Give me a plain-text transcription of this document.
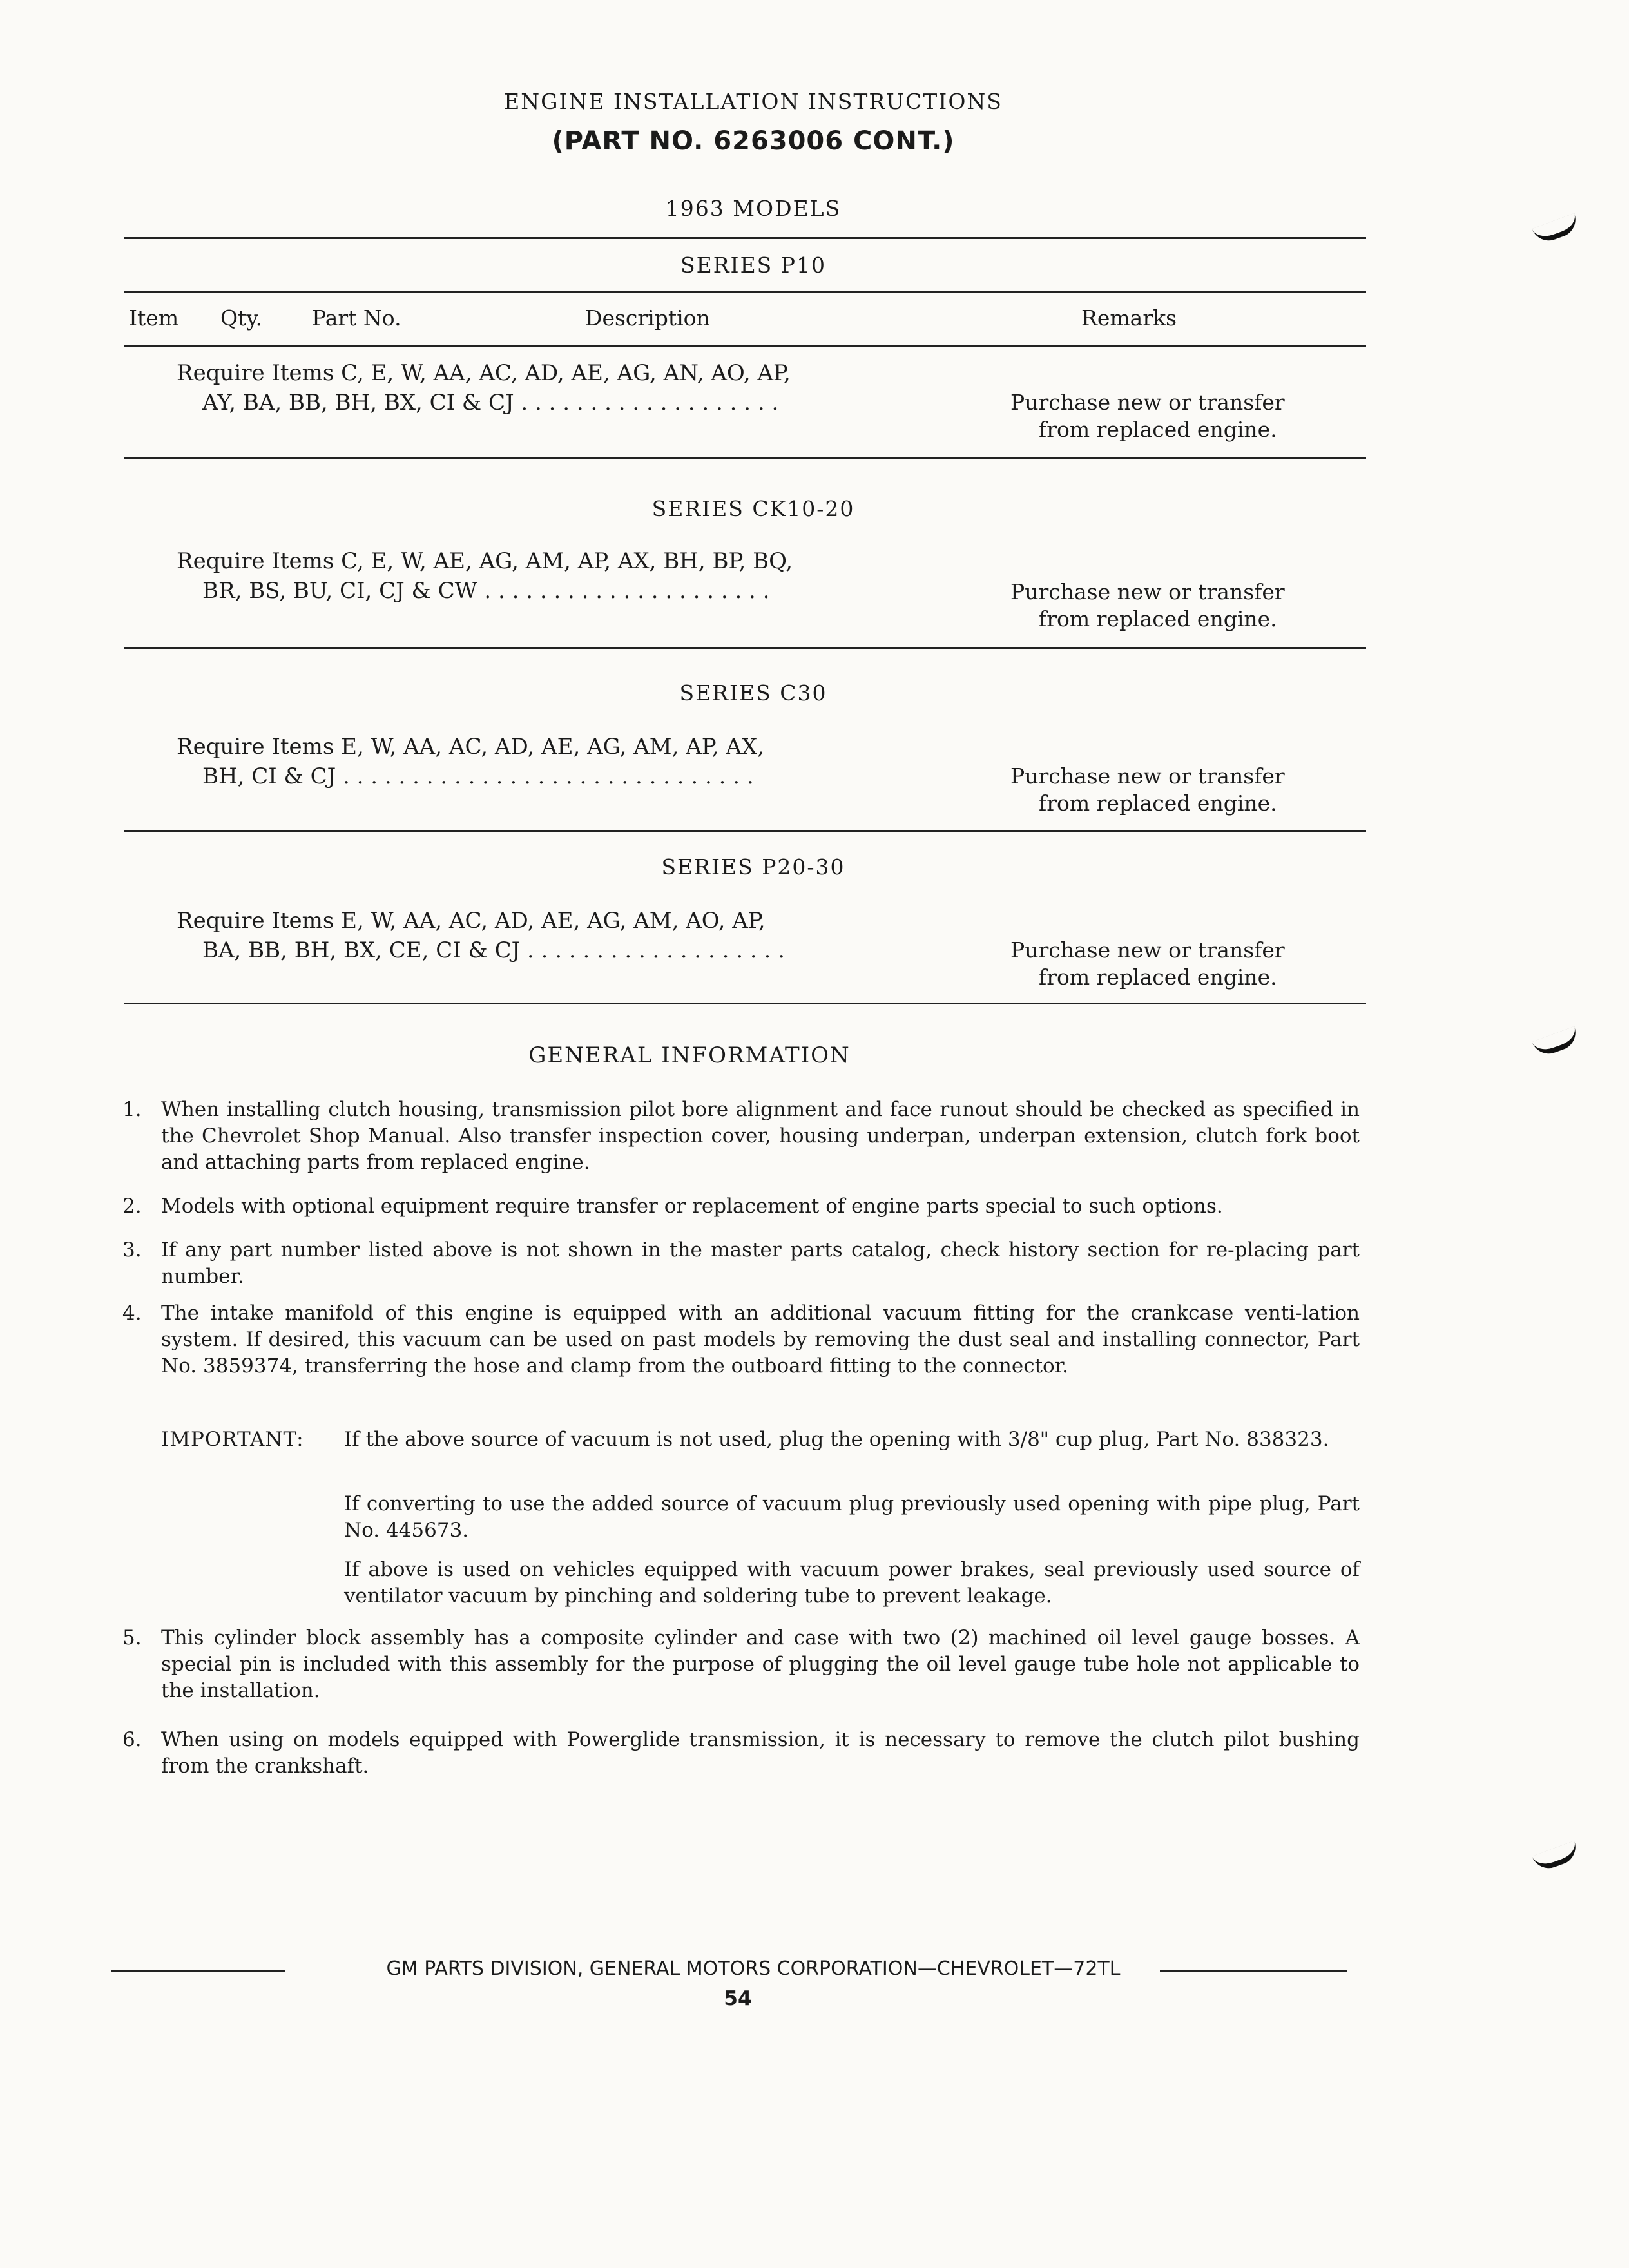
ENGINE INSTALLATION INSTRUCTIONS
(PART NO. 6263006 CONT.)
1963 MODELS
SERIES P10
Item Qty. Part No.	Description	Remarks
Require Items C, E, W, AA, AC, AD, AE, AG, AN, AO, AP,
AY, BA, BB, BH, BX, CI & CJ . . . . . . . . . . . . . . . . . . .	Purchase new or transfer
from replaced engine.
SERIES CK10-20
Require Items C, E, W, AE, AG, AM, AP, AX, BH, BP, BQ,
BR, BS, BU, CI, CJ & CW . . . . . . . . . . . . . . . . . . . . .	Purchase new or transfer
from replaced engine.
SERIES C30
Require Items E, W, AA, AC, AD, AE, AG, AM, AP, AX,
BH, CI & CJ . . . . . . . . . . . . . . . . . . . . . . . . . . . . . .	Purchase new or transfer
from replaced engine.
SERIES P20-30
Require Items E, W, AA, AC, AD, AE, AG, AM, AO, AP,
BA, BB, BH, BX, CE, CI & CJ . . . . . . . . . . . . . . . . . . .	Purchase new or transfer
from replaced engine.
GENERAL INFORMATION
1. When installing clutch housing, transmission pilot bore alignment and face runout should be checked as specified in the Chevrolet Shop Manual. Also transfer inspection cover, housing underpan, underpan extension, clutch fork boot and attaching parts from replaced engine.
2. Models with optional equipment require transfer or replacement of engine parts special to such options.
3. If any part number listed above is not shown in the master parts catalog, check history section for re-placing part number.
4. The intake manifold of this engine is equipped with an additional vacuum fitting for the crankcase venti-lation system. If desired, this vacuum can be used on past models by removing the dust seal and installing connector, Part No. 3859374, transferring the hose and clamp from the outboard fitting to the connector.
IMPORTANT: If the above source of vacuum is not used, plug the opening with 3/8" cup plug, Part No. 838323.
If converting to use the added source of vacuum plug previously used opening with pipe plug, Part No. 445673.
If above is used on vehicles equipped with vacuum power brakes, seal previously used source of ventilator vacuum by pinching and soldering tube to prevent leakage.
5. This cylinder block assembly has a composite cylinder and case with two (2) machined oil level gauge bosses. A special pin is included with this assembly for the purpose of plugging the oil level gauge tube hole not applicable to the installation.
6. When using on models equipped with Powerglide transmission, it is necessary to remove the clutch pilot bushing from the crankshaft.
GM PARTS DIVISION, GENERAL MOTORS CORPORATION—CHEVROLET—72TL
54
